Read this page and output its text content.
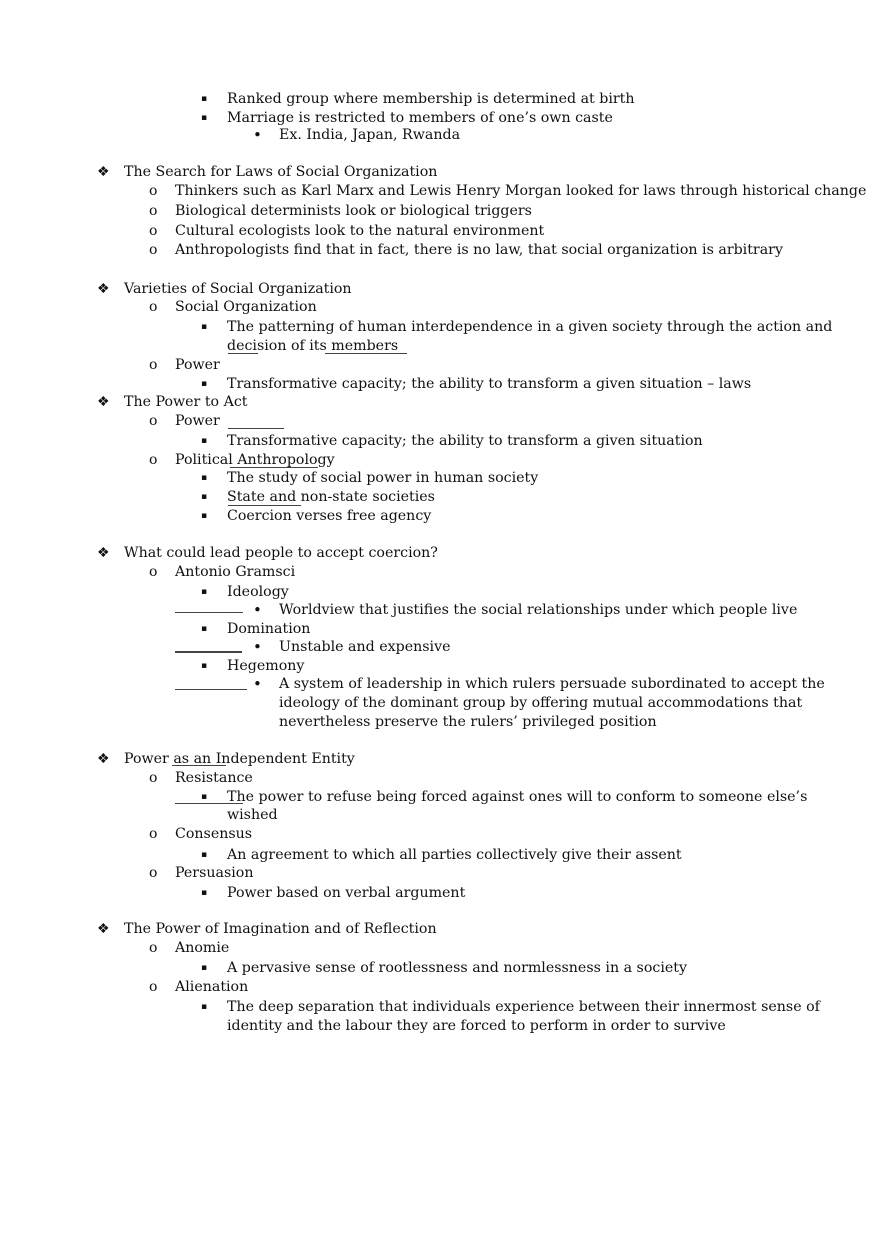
▪ Ranked group where membership is determined at birth
▪ Marriage is restricted to members of one’s own caste
• Ex. India, Japan, Rwanda
❖ The Search for Laws of Social Organization
o Thinkers such as Karl Marx and Lewis Henry Morgan looked for laws through historical change
o Biological determinists look or biological triggers
o Cultural ecologists look to the natural environment
o Anthropologists find that in fact, there is no law, that social organization is arbitrary
❖ Varieties of Social Organization
o Social Organization
▪ The patterning of human interdependence in a given society through the action and
decision of its members
o Power
▪ Transformative capacity; the ability to transform a given situation – laws
❖ The Power to Act
o Power
▪ Transformative capacity; the ability to transform a given situation
o Political Anthropology
▪ The study of social power in human society
▪ State and non-state societies
▪ Coercion verses free agency
❖ What could lead people to accept coercion?
o Antonio Gramsci
▪ Ideology
• Worldview that justifies the social relationships under which people live
▪ Domination
• Unstable and expensive
▪ Hegemony
• A system of leadership in which rulers persuade subordinated to accept the
ideology of the dominant group by offering mutual accommodations that
nevertheless preserve the rulers’ privileged position
❖ Power as an Independent Entity
o Resistance
▪ The power to refuse being forced against ones will to conform to someone else’s
wished
o Consensus
▪ An agreement to which all parties collectively give their assent
o Persuasion
▪ Power based on verbal argument
❖ The Power of Imagination and of Reflection
o Anomie
▪ A pervasive sense of rootlessness and normlessness in a society
o Alienation
▪ The deep separation that individuals experience between their innermost sense of
identity and the labour they are forced to perform in order to survive
